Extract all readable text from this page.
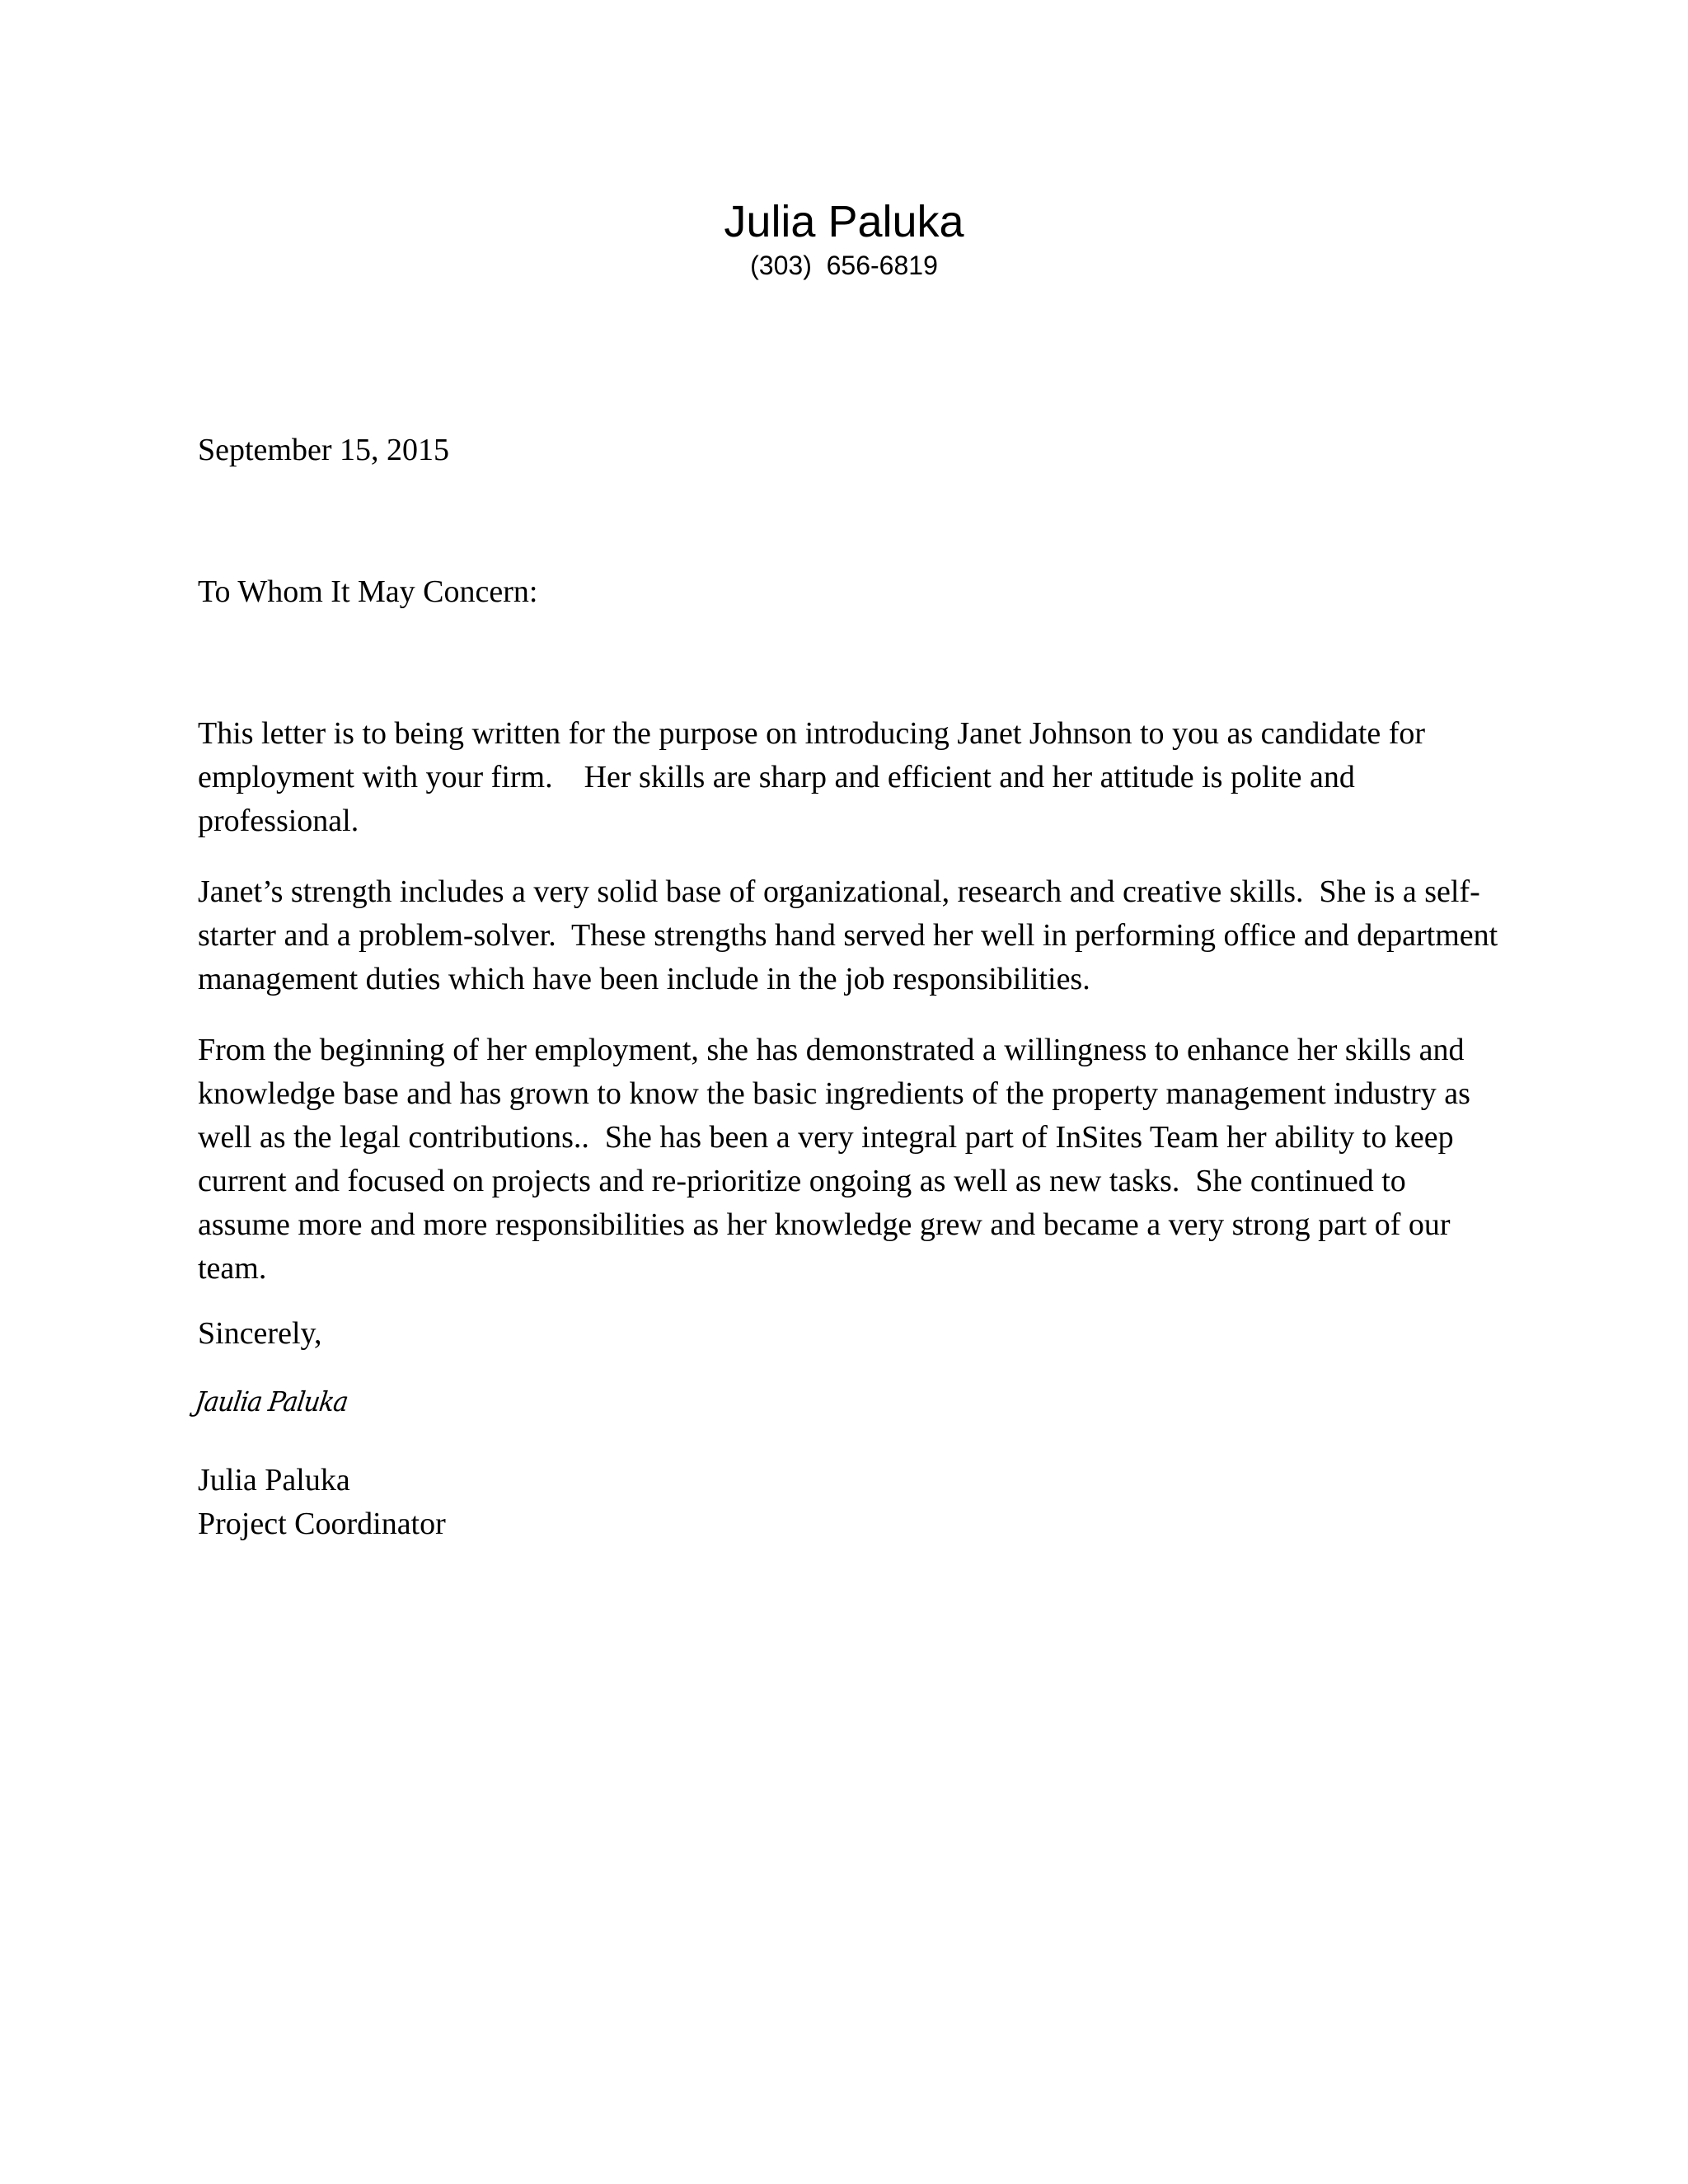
Julia Paluka
(303)  656-6819
September 15, 2015
To Whom It May Concern:

This letter is to being written for the purpose on introducing Janet Johnson to you as candidate for employment with your firm.    Her skills are sharp and efficient and her attitude is polite and professional.

Janet’s strength includes a very solid base of organizational, research and creative skills.  She is a self- starter and a problem-solver.  These strengths hand served her well in performing office and department management duties which have been include in the job responsibilities.

From the beginning of her employment, she has demonstrated a willingness to enhance her skills and knowledge base and has grown to know the basic ingredients of the property management industry as well as the legal contributions..  She has been a very integral part of InSites Team her ability to keep current and focused on projects and re-prioritize ongoing as well as new tasks.  She continued to assume more and more responsibilities as her knowledge grew and became a very strong part of our team.

Sincerely,
Jaulia Paluka
Julia Paluka
Project Coordinator
